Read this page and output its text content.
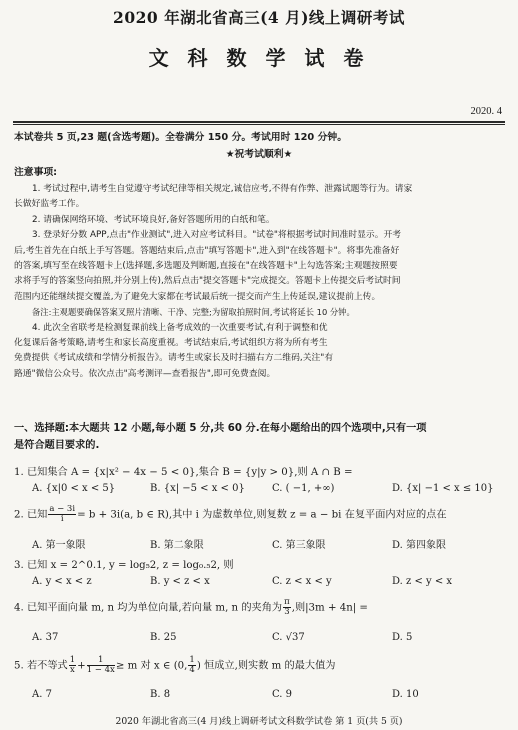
2020 年湖北省高三(4 月)线上调研考试
文 科 数 学 试 卷
2020. 4
本试卷共 5 页,23 题(含选考题)。全卷满分 150 分。考试用时 120 分钟。
★祝考试顺利★
注意事项:
1. 考试过程中,请考生自觉遵守考试纪律等相关规定,诚信应考,不得有作弊、泄露试题等行为。请家
长做好监考工作。
2. 请确保网络环境、考试环境良好,备好答题所用的白纸和笔。
3. 登录好分数 APP,点击"作业测试",进入对应考试科目。"试卷"将根据考试时间准时显示。开考
后,考生首先在白纸上手写答题。答题结束后,点击"填写答题卡",进入到"在线答题卡"。将事先准备好
的答案,填写至在线答题卡上(选择题,多选题及判断题,直接在"在线答题卡"上勾选答案;主观题按照要
求将手写的答案竖向拍照,并分别上传),然后点击"提交答题卡"完成提交。答题卡上传提交后考试时间
范围内还能继续提交覆盖,为了避免大家都在考试最后统一提交而产生上传延误,建议提前上传。
备注:主观题要确保答案叉照片清晰、干净、完整;为留取拍照时间,考试将延长 10 分钟。
4. 此次全省联考是检测复课前线上备考成效的一次重要考试,有利于调整和优
化复课后备考策略,请考生和家长高度重视。考试结束后,考试组织方将为所有考生
免费提供《考试成绩和学情分析报告》。请考生或家长及时扫描右方二维码,关注"有
路通"微信公众号。依次点击"高考测评—查看报告",即可免费查阅。
一、选择题:本大题共 12 小题,每小题 5 分,共 60 分.在每小题给出的四个选项中,只有一项
是符合题目要求的.
1. 已知集合 A = {x|x² − 4x − 5 < 0},集合 B = {y|y > 0},则 A ∩ B =
A. {x|0 < x < 5}	B. {x| −5 < x < 0}	C. ( −1, +∞)	D. {x| −1 < x ≤ 10}
2. 已知 $\frac{a - 3i}{i} = b + 3i(a$, b ∈ R),其中 i 为虚数单位,则复数 z = a − bi 在复平面内对应的点在
A. 第一象限	B. 第二象限	C. 第三象限	D. 第四象限
3. 已知 x = 2^0.1, y = log₅2, z = log₀.₅2, 则
A. y < x < z	B. y < z < x	C. z < x < y	D. z < y < x
4. 已知平面向量 m, n 均为单位向量,若向量 m, n 的夹角为 $\frac{\pi}{3}$ ,则|3m + 4n| =
A. 37	B. 25	C. √37	D. 5
5. 若不等式 $\frac{1}{x} + \frac{1}{1 - 4x} \ge m$ 对 x ∈ (0, $\frac{1}{4}$ ) 恒成立,则实数 m 的最大值为
A. 7	B. 8	C. 9	D. 10
2020 年湖北省高三(4 月)线上调研考试文科数学试卷 第 1 页(共 5 页)
